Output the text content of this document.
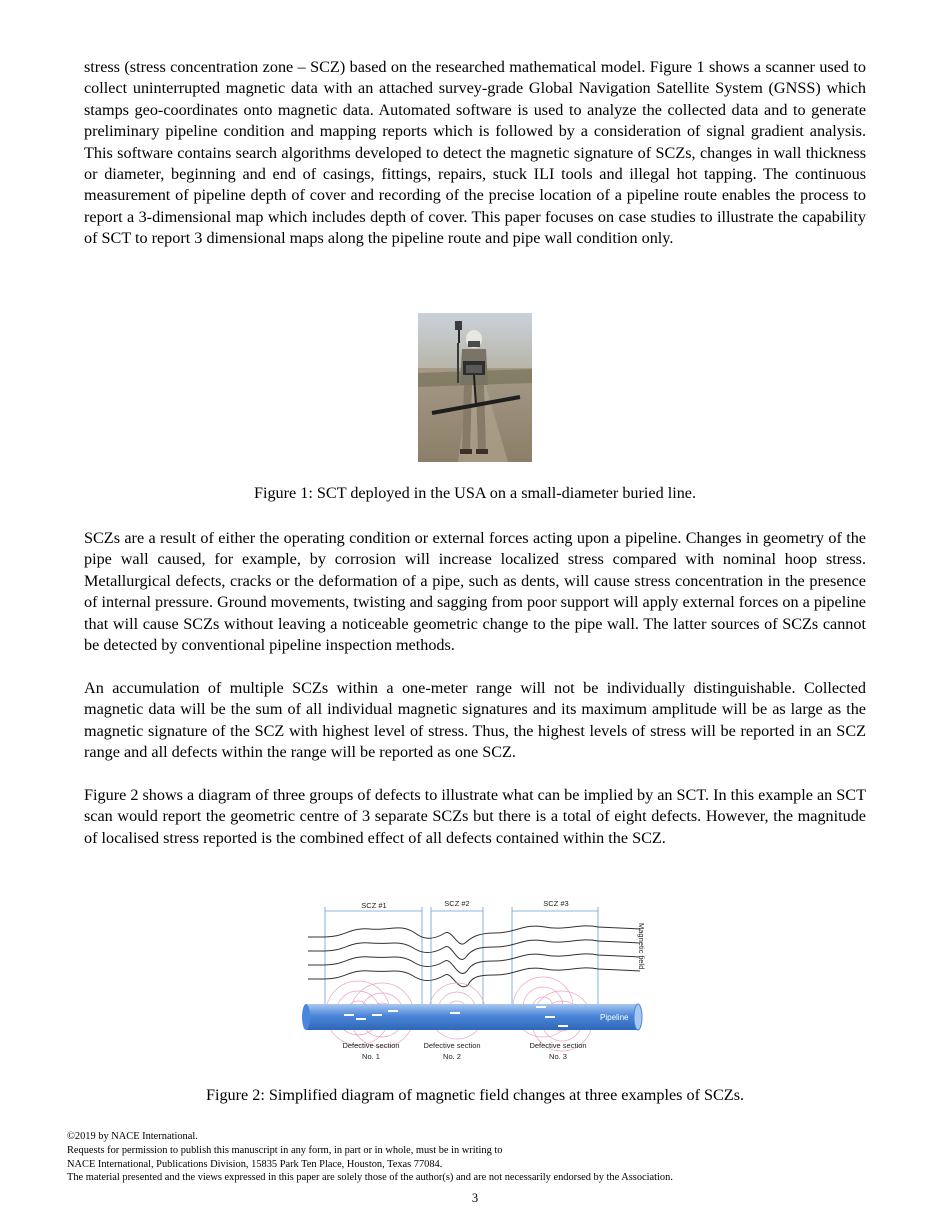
stress (stress concentration zone – SCZ) based on the researched mathematical model. Figure 1 shows a scanner used to collect uninterrupted magnetic data with an attached survey-grade Global Navigation Satellite System (GNSS) which stamps geo-coordinates onto magnetic data. Automated software is used to analyze the collected data and to generate preliminary pipeline condition and mapping reports which is followed by a consideration of signal gradient analysis. This software contains search algorithms developed to detect the magnetic signature of SCZs, changes in wall thickness or diameter, beginning and end of casings, fittings, repairs, stuck ILI tools and illegal hot tapping. The continuous measurement of pipeline depth of cover and recording of the precise location of a pipeline route enables the process to report a 3-dimensional map which includes depth of cover. This paper focuses on case studies to illustrate the capability of SCT to report 3 dimensional maps along the pipeline route and pipe wall condition only.

Figure 1: SCT deployed in the USA on a small-diameter buried line.

SCZs are a result of either the operating condition or external forces acting upon a pipeline. Changes in geometry of the pipe wall caused, for example, by corrosion will increase localized stress compared with nominal hoop stress. Metallurgical defects, cracks or the deformation of a pipe, such as dents, will cause stress concentration in the presence of internal pressure. Ground movements, twisting and sagging from poor support will apply external forces on a pipeline that will cause SCZs without leaving a noticeable geometric change to the pipe wall. The latter sources of SCZs cannot be detected by conventional pipeline inspection methods.

An accumulation of multiple SCZs within a one-meter range will not be individually distinguishable. Collected magnetic data will be the sum of all individual magnetic signatures and its maximum amplitude will be as large as the magnetic signature of the SCZ with highest level of stress. Thus, the highest levels of stress will be reported in an SCZ range and all defects within the range will be reported as one SCZ.

Figure 2 shows a diagram of three groups of defects to illustrate what can be implied by an SCT. In this example an SCT scan would report the geometric centre of 3 separate SCZs but there is a total of eight defects. However, the magnitude of localised stress reported is the combined effect of all defects contained within the SCZ.

SCZ #1	SCZ #2	SCZ #3
Magnetic field
Pipeline
Defective section
No. 1
Defective section
No. 2
Defective section
No. 3

Figure 2: Simplified diagram of magnetic field changes at three examples of SCZs.

©2019 by NACE International.
Requests for permission to publish this manuscript in any form, in part or in whole, must be in writing to
NACE International, Publications Division, 15835 Park Ten Place, Houston, Texas 77084.
The material presented and the views expressed in this paper are solely those of the author(s) and are not necessarily endorsed by the Association.
3
